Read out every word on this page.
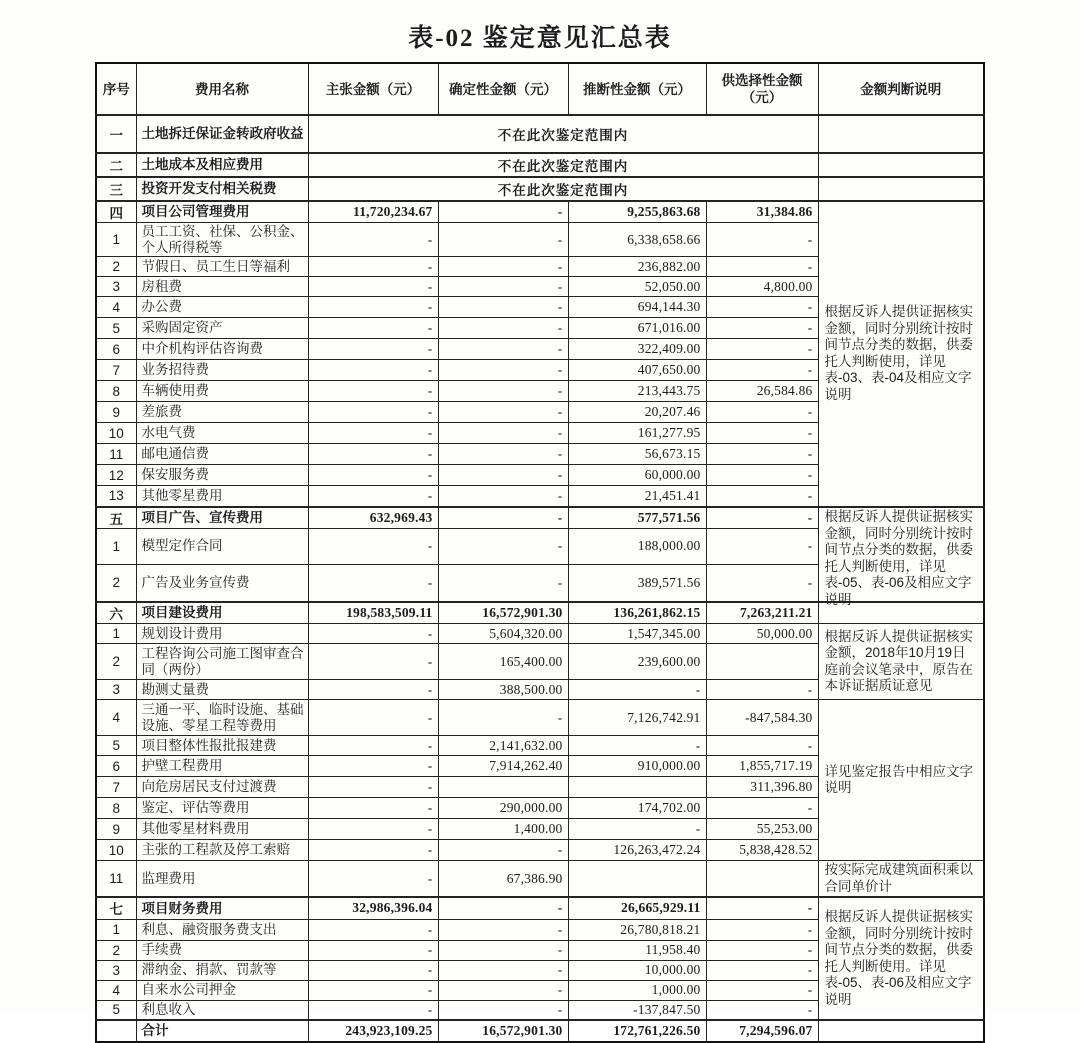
表-02 鉴定意见汇总表
序号	费用名称	主张金额（元）	确定性金额（元）	推断性金额（元）	供选择性金额（元）	金额判断说明
一	土地拆迁保证金转政府收益	不在此次鉴定范围内				

二	土地成本及相应费用	不在此次鉴定范围内				

三	投资开发支付相关税费	不在此次鉴定范围内				

四	项目公司管理费用	11,720,234.67	-	9,255,863.68	31,384.86	根据反诉人提供证据核实金额，同时分别统计按时间节点分类的数据，供委托人判断使用，详见表-03、表-04及相应文字说明

1	员工工资、社保、公积金、个人所得税等	-	-	6,338,658.66	-	
2	节假日、员工生日等福利	-	-	236,882.00	-	
3	房租费	-	-	52,050.00	4,800.00	
4	办公费	-	-	694,144.30	-	
5	采购固定资产	-	-	671,016.00	-	
6	中介机构评估咨询费	-	-	322,409.00	-	
7	业务招待费	-	-	407,650.00	-	
8	车辆使用费	-	-	213,443.75	26,584.86	
9	差旅费	-	-	20,207.46	-	
10	水电气费	-	-	161,277.95	-	
11	邮电通信费	-	-	56,673.15	-	
12	保安服务费	-	-	60,000.00	-	
13	其他零星费用	-	-	21,451.41	-	
五	项目广告、宣传费用	632,969.43	-	577,571.56	-	根据反诉人提供证据核实金额，同时分别统计按时间节点分类的数据，供委托人判断使用，详见表-05、表-06及相应文字说明

1	模型定作合同	-	-	188,000.00	-	
2	广告及业务宣传费	-	-	389,571.56	-	
六	项目建设费用	198,583,509.11	16,572,901.30	136,261,862.15	7,263,211.21	

1	规划设计费用	-	5,604,320.00	1,547,345.00	50,000.00	根据反诉人提供证据核实金额，2018年10月19日庭前会议笔录中，原告在本诉证据质证意见

2	工程咨询公司施工图审查合同（两份）	-	165,400.00	239,600.00		
3	勘测丈量费	-	388,500.00	-	-	
4	三通一平、临时设施、基础设施、零星工程等费用	-	-	7,126,742.91	-847,584.30	详见鉴定报告中相应文字说明

5	项目整体性报批报建费	-	2,141,632.00	-	-	
6	护壁工程费用	-	7,914,262.40	910,000.00	1,855,717.19	
7	向危房居民支付过渡费	-			311,396.80	
8	鉴定、评估等费用	-	290,000.00	174,702.00	-	
9	其他零星材料费用	-	1,400.00	-	55,253.00	
10	主张的工程款及停工索赔	-	-	126,263,472.24	5,838,428.52	
11	监理费用	-	67,386.90			按实际完成建筑面积乘以合同单价计

七	项目财务费用	32,986,396.04	-	26,665,929.11	-	根据反诉人提供证据核实金额，同时分别统计按时间节点分类的数据，供委托人判断使用。详见表-05、表-06及相应文字说明

1	利息、融资服务费支出	-	-	26,780,818.21	-	
2	手续费	-	-	11,958.40	-	
3	滞纳金、捐款、罚款等	-	-	10,000.00	-	
4	自来水公司押金	-	-	1,000.00	-	
5	利息收入	-	-	-137,847.50	-	
	合计	243,923,109.25	16,572,901.30	172,761,226.50	7,294,596.07	
